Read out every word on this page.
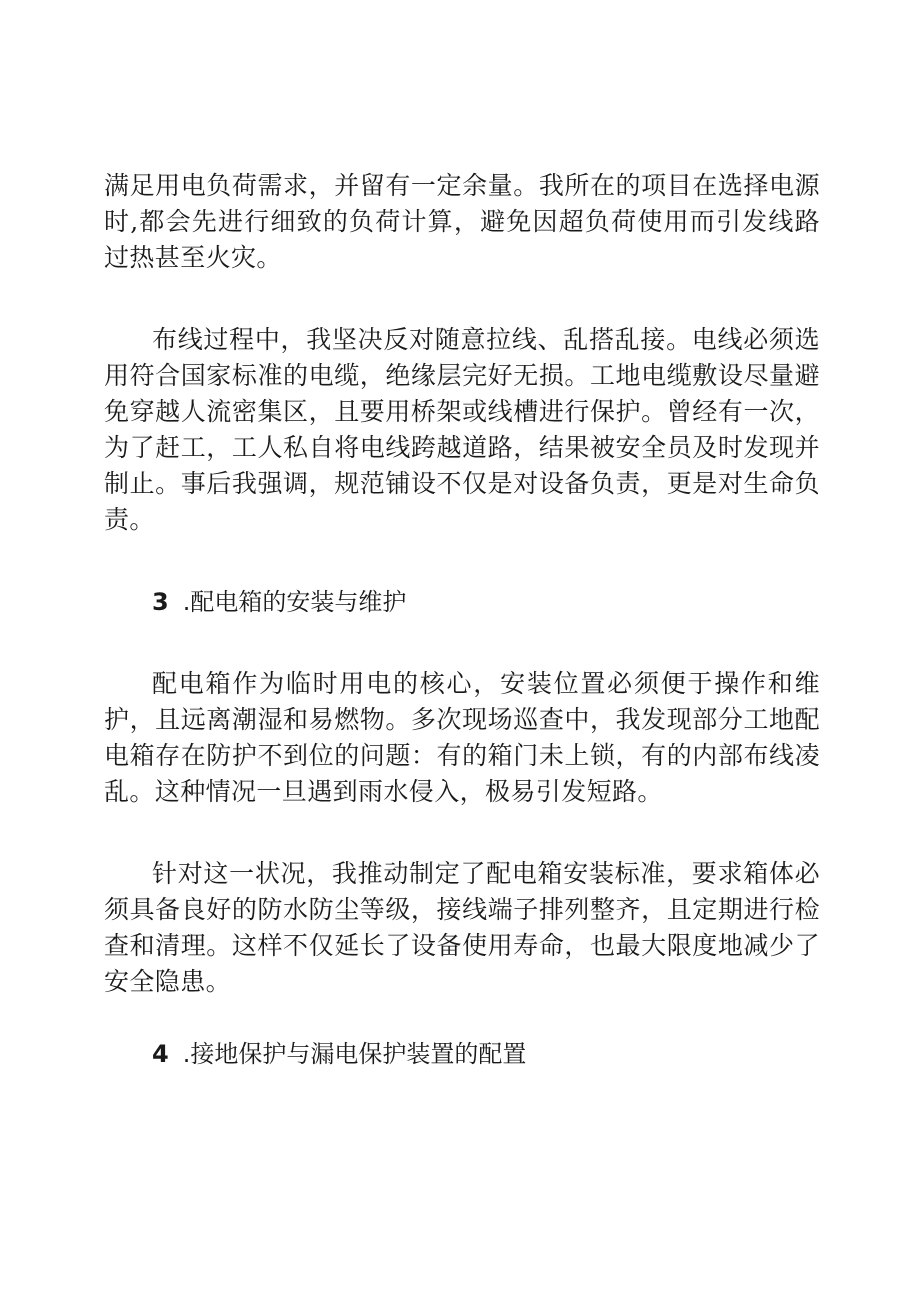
满足用电负荷需求，并留有一定余量。我所在的项目在选择电源时,都会先进行细致的负荷计算，避免因超负荷使用而引发线路过热甚至火灾。

布线过程中，我坚决反对随意拉线、乱搭乱接。电线必须选用符合国家标准的电缆，绝缘层完好无损。工地电缆敷设尽量避免穿越人流密集区，且要用桥架或线槽进行保护。曾经有一次，为了赶工，工人私自将电线跨越道路，结果被安全员及时发现并制止。事后我强调，规范铺设不仅是对设备负责，更是对生命负责。

3 .配电箱的安装与维护

配电箱作为临时用电的核心，安装位置必须便于操作和维护，且远离潮湿和易燃物。多次现场巡查中，我发现部分工地配电箱存在防护不到位的问题：有的箱门未上锁，有的内部布线凌乱。这种情况一旦遇到雨水侵入，极易引发短路。

针对这一状况，我推动制定了配电箱安装标准，要求箱体必须具备良好的防水防尘等级，接线端子排列整齐，且定期进行检查和清理。这样不仅延长了设备使用寿命，也最大限度地减少了安全隐患。

4 .接地保护与漏电保护装置的配置
